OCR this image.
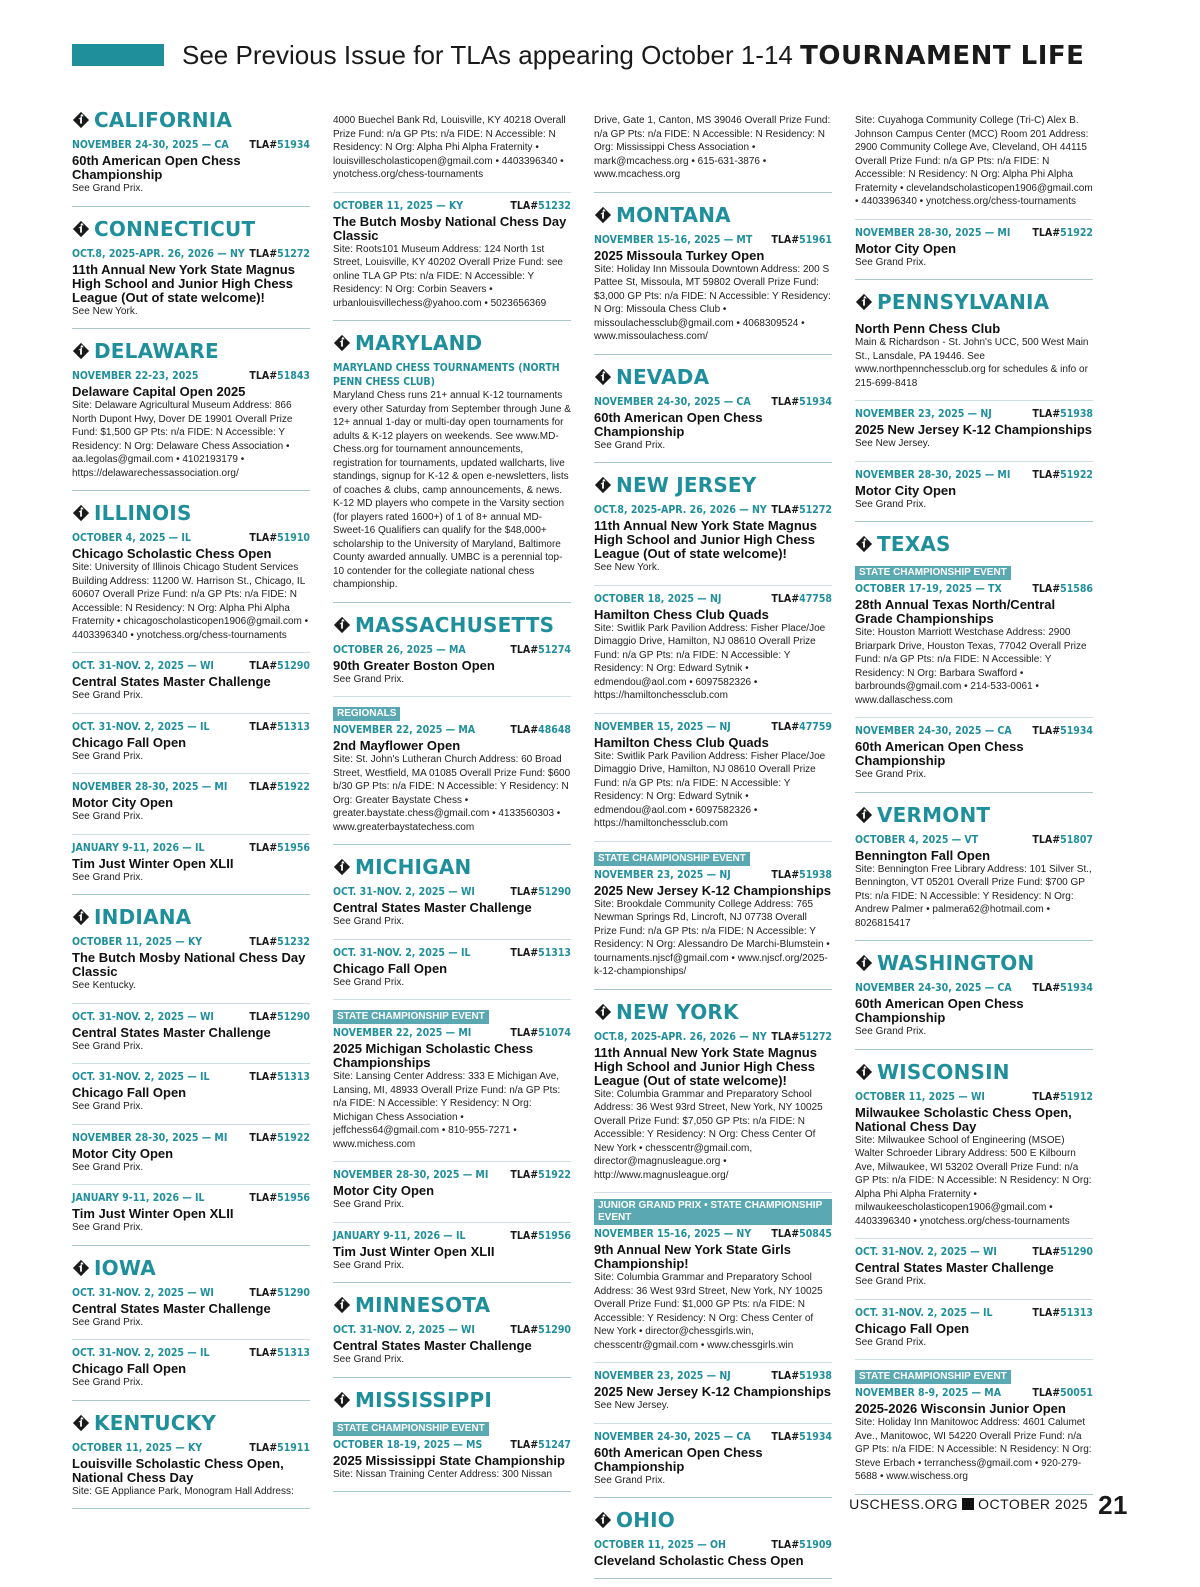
See Previous Issue for TLAs appearing October 1-14 TOURNAMENT LIFE
CALIFORNIA
NOVEMBER 24-30, 2025 — CA TLA#51934
60th American Open Chess Championship
See Grand Prix.
CONNECTICUT
OCT.8, 2025-APR. 26, 2026 — NY TLA#51272
11th Annual New York State Magnus High School and Junior High Chess League (Out of state welcome)!
See New York.
DELAWARE
NOVEMBER 22-23, 2025	TLA#51843
Delaware Capital Open 2025
Site: Delaware Agricultural Museum Address: 866 North Dupont Hwy, Dover DE 19901 Overall Prize Fund: $1,500 GP Pts: n/a FIDE: N Accessible: Y Residency: N Org: Delaware Chess Association • aa.legolas@gmail.com • 4102193179 • https://delawarechessassociation.org/
ILLINOIS
OCTOBER 4, 2025 — IL	TLA#51910
Chicago Scholastic Chess Open
Site: University of Illinois Chicago Student Services Building Address: 11200 W. Harrison St., Chicago, IL 60607 Overall Prize Fund: n/a GP Pts: n/a FIDE: N Accessible: N Residency: N Org: Alpha Phi Alpha Fraternity • chicagoscholasticopen1906@gmail.com • 4403396340 • ynotchess.org/chess-tournaments
OCT. 31-NOV. 2, 2025 — WI	TLA#51290
Central States Master Challenge
See Grand Prix.
OCT. 31-NOV. 2, 2025 — IL	TLA#51313
Chicago Fall Open
See Grand Prix.
NOVEMBER 28-30, 2025 — MI TLA#51922
Motor City Open
See Grand Prix.
JANUARY 9-11, 2026 — IL	TLA#51956
Tim Just Winter Open XLII
See Grand Prix.
INDIANA
OCTOBER 11, 2025 — KY	TLA#51232
The Butch Mosby National Chess Day Classic
See Kentucky.
OCT. 31-NOV. 2, 2025 — WI	TLA#51290
Central States Master Challenge
See Grand Prix.
OCT. 31-NOV. 2, 2025 — IL	TLA#51313
Chicago Fall Open
See Grand Prix.
NOVEMBER 28-30, 2025 — MI TLA#51922
Motor City Open
See Grand Prix.
JANUARY 9-11, 2026 — IL	TLA#51956
Tim Just Winter Open XLII
See Grand Prix.
IOWA
OCT. 31-NOV. 2, 2025 — WI	TLA#51290
Central States Master Challenge
See Grand Prix.
OCT. 31-NOV. 2, 2025 — IL	TLA#51313
Chicago Fall Open
See Grand Prix.
KENTUCKY
OCTOBER 11, 2025 — KY	TLA#51911
Louisville Scholastic Chess Open, National Chess Day
Site: GE Appliance Park, Monogram Hall Address:
4000 Buechel Bank Rd, Louisville, KY 40218 Overall Prize Fund: n/a GP Pts: n/a FIDE: N Accessible: N Residency: N Org: Alpha Phi Alpha Fraternity • louisvillescholasticopen@gmail.com • 4403396340 • ynotchess.org/chess-tournaments
OCTOBER 11, 2025 — KY	TLA#51232
The Butch Mosby National Chess Day Classic
Site: Roots101 Museum Address: 124 North 1st Street, Louisville, KY 40202 Overall Prize Fund: see online TLA GP Pts: n/a FIDE: N Accessible: Y Residency: N Org: Corbin Seavers • urbanlouisvillechess@yahoo.com • 5023656369
MARYLAND
MARYLAND CHESS TOURNAMENTS (NORTH PENN CHESS CLUB)
Maryland Chess runs 21+ annual K-12 tournaments every other Saturday from September through June & 12+ annual 1-day or multi-day open tournaments for adults & K-12 players on weekends. See www.MD-Chess.org for tournament announcements, registration for tournaments, updated wallcharts, live standings, signup for K-12 & open e-newsletters, lists of coaches & clubs, camp announcements, & news. K-12 MD players who compete in the Varsity section (for players rated 1600+) of 1 of 8+ annual MD-Sweet-16 Qualifiers can qualify for the $48,000+ scholarship to the University of Maryland, Baltimore County awarded annually. UMBC is a perennial top-10 contender for the collegiate national chess championship.
MASSACHUSETTS
OCTOBER 26, 2025 — MA	TLA#51274
90th Greater Boston Open
See Grand Prix.
REGIONALS
NOVEMBER 22, 2025 — MA	TLA#48648
2nd Mayflower Open
Site: St. John's Lutheran Church Address: 60 Broad Street, Westfield, MA 01085 Overall Prize Fund: $600 b/30 GP Pts: n/a FIDE: N Accessible: Y Residency: N Org: Greater Baystate Chess • greater.baystate.chess@gmail.com • 4133560303 • www.greaterbaystatechess.com
MICHIGAN
OCT. 31-NOV. 2, 2025 — WI	TLA#51290
Central States Master Challenge
See Grand Prix.
OCT. 31-NOV. 2, 2025 — IL	TLA#51313
Chicago Fall Open
See Grand Prix.
STATE CHAMPIONSHIP EVENT
NOVEMBER 22, 2025 — MI	TLA#51074
2025 Michigan Scholastic Chess Championships
Site: Lansing Center Address: 333 E Michigan Ave, Lansing, MI, 48933 Overall Prize Fund: n/a GP Pts: n/a FIDE: N Accessible: Y Residency: N Org: Michigan Chess Association • jeffchess64@gmail.com • 810-955-7271 • www.michess.com
NOVEMBER 28-30, 2025 — MI TLA#51922
Motor City Open
See Grand Prix.
JANUARY 9-11, 2026 — IL	TLA#51956
Tim Just Winter Open XLII
See Grand Prix.
MINNESOTA
OCT. 31-NOV. 2, 2025 — WI	TLA#51290
Central States Master Challenge
See Grand Prix.
MISSISSIPPI
STATE CHAMPIONSHIP EVENT
OCTOBER 18-19, 2025 — MS	TLA#51247
2025 Mississippi State Championship
Site: Nissan Training Center Address: 300 Nissan
Drive, Gate 1, Canton, MS 39046 Overall Prize Fund: n/a GP Pts: n/a FIDE: N Accessible: N Residency: N Org: Mississippi Chess Association • mark@mcachess.org • 615-631-3876 • www.mcachess.org
MONTANA
NOVEMBER 15-16, 2025 — MT TLA#51961
2025 Missoula Turkey Open
Site: Holiday Inn Missoula Downtown Address: 200 S Pattee St, Missoula, MT 59802 Overall Prize Fund: $3,000 GP Pts: n/a FIDE: N Accessible: Y Residency: N Org: Missoula Chess Club • missoulachessclub@gmail.com • 4068309524 • www.missoulachess.com/
NEVADA
NOVEMBER 24-30, 2025 — CA TLA#51934
60th American Open Chess Championship
See Grand Prix.
NEW JERSEY
OCT.8, 2025-APR. 26, 2026 — NY TLA#51272
11th Annual New York State Magnus High School and Junior High Chess League (Out of state welcome)!
See New York.
OCTOBER 18, 2025 — NJ	TLA#47758
Hamilton Chess Club Quads
Site: Switlik Park Pavilion Address: Fisher Place/Joe Dimaggio Drive, Hamilton, NJ 08610 Overall Prize Fund: n/a GP Pts: n/a FIDE: N Accessible: Y Residency: N Org: Edward Sytnik • edmendou@aol.com • 6097582326 • https://hamiltonchessclub.com
NOVEMBER 15, 2025 — NJ	TLA#47759
Hamilton Chess Club Quads
Site: Switlik Park Pavilion Address: Fisher Place/Joe Dimaggio Drive, Hamilton, NJ 08610 Overall Prize Fund: n/a GP Pts: n/a FIDE: N Accessible: Y Residency: N Org: Edward Sytnik • edmendou@aol.com • 6097582326 • https://hamiltonchessclub.com
STATE CHAMPIONSHIP EVENT
NOVEMBER 23, 2025 — NJ	TLA#51938
2025 New Jersey K-12 Championships
Site: Brookdale Community College Address: 765 Newman Springs Rd, Lincroft, NJ 07738 Overall Prize Fund: n/a GP Pts: n/a FIDE: N Accessible: Y Residency: N Org: Alessandro De Marchi-Blumstein • tournaments.njscf@gmail.com • www.njscf.org/2025-k-12-championships/
NEW YORK
OCT.8, 2025-APR. 26, 2026 — NY TLA#51272
11th Annual New York State Magnus High School and Junior High Chess League (Out of state welcome)!
Site: Columbia Grammar and Preparatory School Address: 36 West 93rd Street, New York, NY 10025 Overall Prize Fund: $7,050 GP Pts: n/a FIDE: N Accessible: Y Residency: N Org: Chess Center Of New York • chesscentr@gmail.com, director@magnusleague.org • http://www.magnusleague.org/
JUNIOR GRAND PRIX • STATE CHAMPIONSHIP EVENT
NOVEMBER 15-16, 2025 — NY TLA#50845
9th Annual New York State Girls Championship!
Site: Columbia Grammar and Preparatory School Address: 36 West 93rd Street, New York, NY 10025 Overall Prize Fund: $1,000 GP Pts: n/a FIDE: N Accessible: Y Residency: N Org: Chess Center of New York • director@chessgirls.win, chesscentr@gmail.com • www.chessgirls.win
NOVEMBER 23, 2025 — NJ	TLA#51938
2025 New Jersey K-12 Championships
See New Jersey.
NOVEMBER 24-30, 2025 — CA TLA#51934
60th American Open Chess Championship
See Grand Prix.
OHIO
OCTOBER 11, 2025 — OH	TLA#51909
Cleveland Scholastic Chess Open
Site: Cuyahoga Community College (Tri-C) Alex B. Johnson Campus Center (MCC) Room 201 Address: 2900 Community College Ave, Cleveland, OH 44115 Overall Prize Fund: n/a GP Pts: n/a FIDE: N Accessible: N Residency: N Org: Alpha Phi Alpha Fraternity • clevelandscholasticopen1906@gmail.com • 4403396340 • ynotchess.org/chess-tournaments
NOVEMBER 28-30, 2025 — MI TLA#51922
Motor City Open
See Grand Prix.
PENNSYLVANIA
North Penn Chess Club
Main & Richardson - St. John's UCC, 500 West Main St., Lansdale, PA 19446. See www.northpennchessclub.org for schedules & info or 215-699-8418
NOVEMBER 23, 2025 — NJ	TLA#51938
2025 New Jersey K-12 Championships
See New Jersey.
NOVEMBER 28-30, 2025 — MI TLA#51922
Motor City Open
See Grand Prix.
TEXAS
STATE CHAMPIONSHIP EVENT
OCTOBER 17-19, 2025 — TX	TLA#51586
28th Annual Texas North/Central Grade Championships
Site: Houston Marriott Westchase Address: 2900 Briarpark Drive, Houston Texas, 77042 Overall Prize Fund: n/a GP Pts: n/a FIDE: N Accessible: Y Residency: N Org: Barbara Swafford • barbrounds@gmail.com • 214-533-0061 • www.dallaschess.com
NOVEMBER 24-30, 2025 — CA TLA#51934
60th American Open Chess Championship
See Grand Prix.
VERMONT
OCTOBER 4, 2025 — VT	TLA#51807
Bennington Fall Open
Site: Bennington Free Library Address: 101 Silver St., Bennington, VT 05201 Overall Prize Fund: $700 GP Pts: n/a FIDE: N Accessible: Y Residency: N Org: Andrew Palmer • palmera62@hotmail.com • 8026815417
WASHINGTON
NOVEMBER 24-30, 2025 — CA TLA#51934
60th American Open Chess Championship
See Grand Prix.
WISCONSIN
OCTOBER 11, 2025 — WI	TLA#51912
Milwaukee Scholastic Chess Open, National Chess Day
Site: Milwaukee School of Engineering (MSOE) Walter Schroeder Library Address: 500 E Kilbourn Ave, Milwaukee, WI 53202 Overall Prize Fund: n/a GP Pts: n/a FIDE: N Accessible: N Residency: N Org: Alpha Phi Alpha Fraternity • milwaukeescholasticopen1906@gmail.com • 4403396340 • ynotchess.org/chess-tournaments
OCT. 31-NOV. 2, 2025 — WI	TLA#51290
Central States Master Challenge
See Grand Prix.
OCT. 31-NOV. 2, 2025 — IL	TLA#51313
Chicago Fall Open
See Grand Prix.
STATE CHAMPIONSHIP EVENT
NOVEMBER 8-9, 2025 — MA	TLA#50051
2025-2026 Wisconsin Junior Open
Site: Holiday Inn Manitowoc Address: 4601 Calumet Ave., Manitowoc, WI 54220 Overall Prize Fund: n/a GP Pts: n/a FIDE: N Accessible: N Residency: N Org: Steve Erbach • terranchess@gmail.com • 920-279-5688 • www.wischess.org
USCHESS.ORG OCTOBER 2025 21
